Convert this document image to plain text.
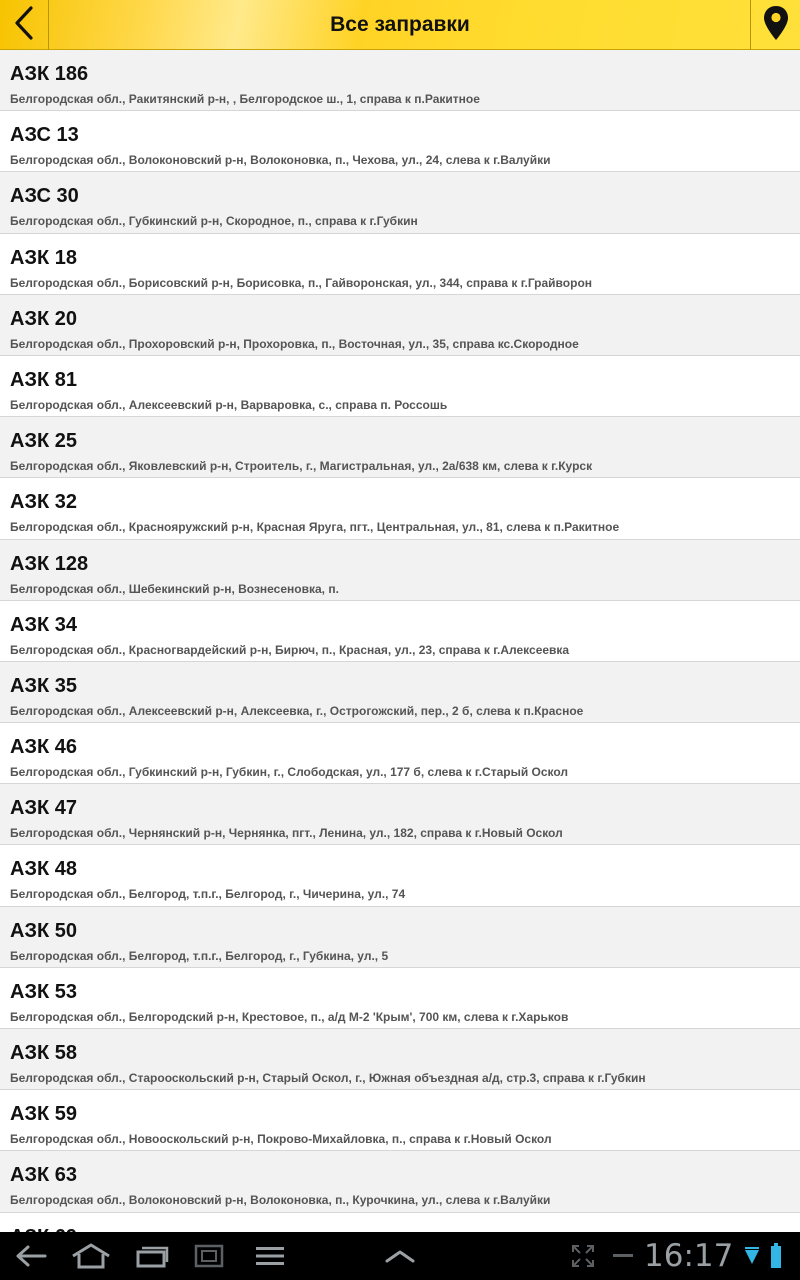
Все заправки
АЗК 186
Белгородская обл., Ракитянский р-н, , Белгородское ш., 1, справа к п.Ракитное
АЗС 13
Белгородская обл., Волоконовский р-н, Волоконовка, п., Чехова, ул., 24, слева к г.Валуйки
АЗС 30
Белгородская обл., Губкинский р-н, Скородное, п., справа к г.Губкин
АЗК 18
Белгородская обл., Борисовский р-н, Борисовка, п., Гайворонская, ул., 344, справа к г.Грайворон
АЗК 20
Белгородская обл., Прохоровский р-н, Прохоровка, п., Восточная, ул., 35, справа кс.Скородное
АЗК 81
Белгородская обл., Алексеевский р-н, Варваровка, с., справа п. Россошь
АЗК 25
Белгородская обл., Яковлевский р-н, Строитель, г., Магистральная, ул., 2а/638 км, слева к г.Курск
АЗК 32
Белгородская обл., Краснояружский р-н, Красная Яруга, пгт., Центральная, ул., 81, слева к п.Ракитное
АЗК 128
Белгородская обл., Шебекинский р-н, Вознесеновка, п.
АЗК 34
Белгородская обл., Красногвардейский р-н, Бирюч, п., Красная, ул., 23, справа к г.Алексеевка
АЗК 35
Белгородская обл., Алексеевский р-н, Алексеевка, г., Острогожский, пер., 2 б, слева к п.Красное
АЗК 46
Белгородская обл., Губкинский р-н, Губкин, г., Слободская, ул., 177 б, слева к г.Старый Оскол
АЗК 47
Белгородская обл., Чернянский р-н, Чернянка, пгт., Ленина, ул., 182, справа к г.Новый Оскол
АЗК 48
Белгородская обл., Белгород, т.п.г., Белгород, г., Чичерина, ул., 74
АЗК 50
Белгородская обл., Белгород, т.п.г., Белгород, г., Губкина, ул., 5
АЗК 53
Белгородская обл., Белгородский р-н, Крестовое, п., а/д М-2 'Крым', 700 км, слева к г.Харьков
АЗК 58
Белгородская обл., Старооскольский р-н, Старый Оскол, г., Южная объездная а/д, стр.3, справа к г.Губкин
АЗК 59
Белгородская обл., Новооскольский р-н, Покрово-Михайловка, п., справа к г.Новый Оскол
АЗК 63
Белгородская обл., Волоконовский р-н, Волоконовка, п., Курочкина, ул., слева к г.Валуйки
16:17
